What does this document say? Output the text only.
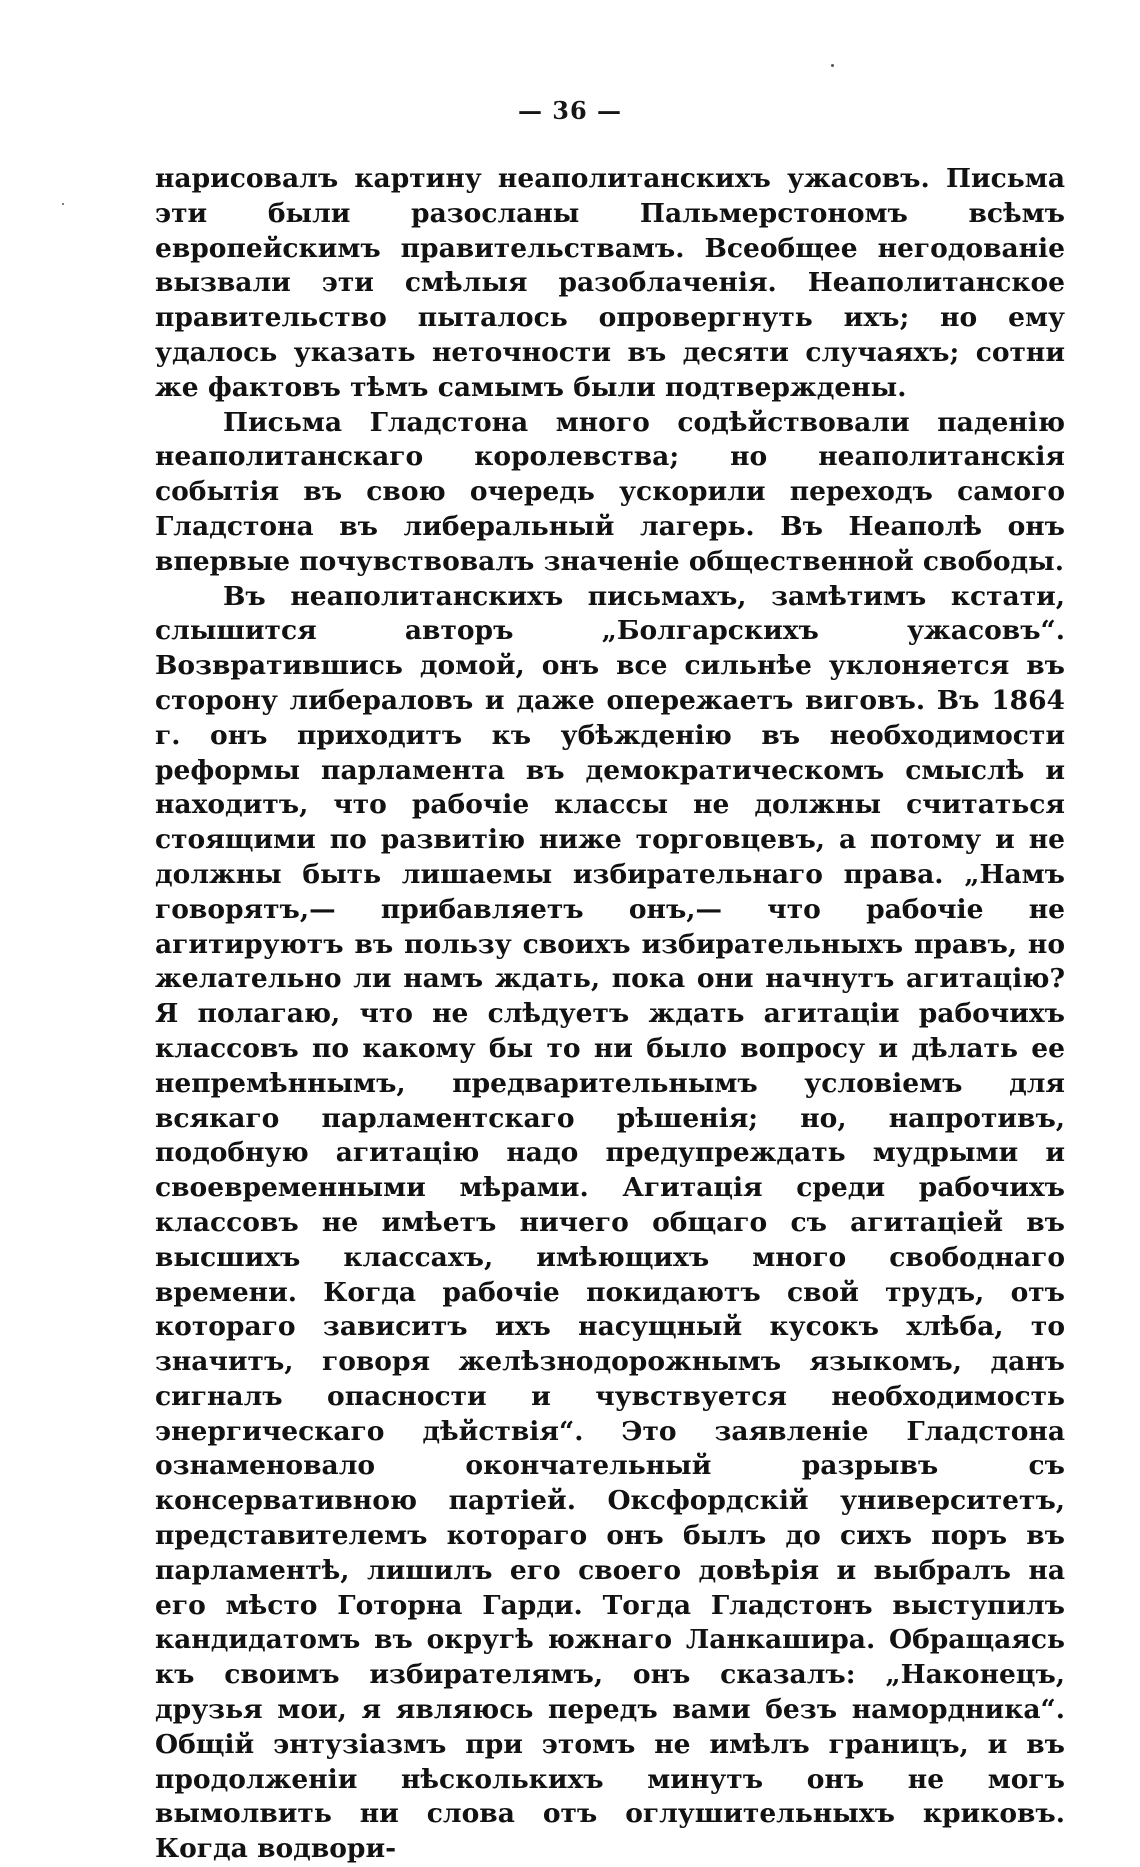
— 36 —

нарисовалъ картину неаполитанскихъ ужасовъ. Письма эти были разосланы Пальмерстономъ всѣмъ европейскимъ правительствамъ. Всеобщее негодованіе вызвали эти смѣлыя разоблаченія. Неаполитанское правительство пыталось опровергнуть ихъ; но ему удалось указать неточности въ десяти случаяхъ; сотни же фактовъ тѣмъ самымъ были подтверждены.

Письма Гладстона много содѣйствовали паденію неаполитанскаго королевства; но неаполитанскія событія въ свою очередь ускорили переходъ самого Гладстона въ либеральный лагерь. Въ Неаполѣ онъ впервые почувствовалъ значеніе общественной свободы.

Въ неаполитанскихъ письмахъ, замѣтимъ кстати, слышится авторъ „Болгарскихъ ужасовъ“. Возвратившись домой, онъ все сильнѣе уклоняется въ сторону либераловъ и даже опережаетъ виговъ. Въ 1864 г. онъ приходитъ къ убѣжденію въ необходимости реформы парламента въ демократическомъ смыслѣ и находитъ, что рабочіе классы не должны считаться стоящими по развитію ниже торговцевъ, а потому и не должны быть лишаемы избирательнаго права. „Намъ говорятъ,— прибавляетъ онъ,— что рабочіе не агитируютъ въ пользу своихъ избирательныхъ правъ, но желательно ли намъ ждать, пока они начнутъ агитацію? Я полагаю, что не слѣдуетъ ждать агитаціи рабочихъ классовъ по какому бы то ни было вопросу и дѣлать ее непремѣннымъ, предварительнымъ условіемъ для всякаго парламентскаго рѣшенія; но, напротивъ, подобную агитацію надо предупреждать мудрыми и своевременными мѣрами. Агитація среди рабочихъ классовъ не имѣетъ ничего общаго съ агитаціей въ высшихъ классахъ, имѣющихъ много свободнаго времени. Когда рабочіе покидаютъ свой трудъ, отъ котораго зависитъ ихъ насущный кусокъ хлѣба, то значитъ, говоря желѣзнодорожнымъ языкомъ, данъ сигналъ опасности и чувствуется необходимость энергическаго дѣйствія“. Это заявленіе Гладстона ознаменовало окончательный разрывъ съ консервативною партіей. Оксфордскій университетъ, представителемъ котораго онъ былъ до сихъ поръ въ парламентѣ, лишилъ его своего довѣрія и выбралъ на его мѣсто Готорна Гарди. Тогда Гладстонъ выступилъ кандидатомъ въ округѣ южнаго Ланкашира. Обращаясь къ своимъ избирателямъ, онъ сказалъ: „Наконецъ, друзья мои, я являюсь передъ вами безъ намордника“. Общій энтузіазмъ при этомъ не имѣлъ границъ, и въ продолженіи нѣсколькихъ минутъ онъ не могъ вымолвить ни слова отъ оглушительныхъ криковъ. Когда водвори-
